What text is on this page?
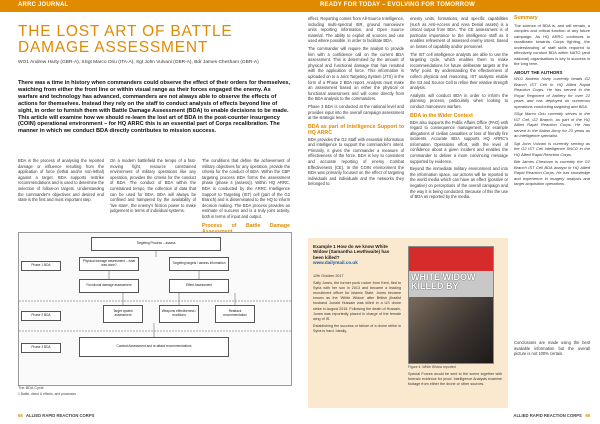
ARRC JOURNAL
THE LOST ART OF BATTLE
DAMAGE ASSESSMENT
WO1 Andrew Harty (GBR-A), SSgt Marco Oriu (ITA-A), Sgt John Vulvani (GBR-A), Bdr James Chesham (GBR-A)
There was a time in history when commanders could observe the effect of their orders for themselves, watching from either the front line or within visual range as their forces engaged the enemy. As warfare and technology has advanced, commanders are not always able to observe the effects of actions for themselves. Instead they rely on the staff to conduct analysis of effects beyond line of sight, in order to furnish them with Battle Damage Assessment (BDA) to enable decisions to be made. This article will examine how we should re-learn the lost art of BDA in the post-counter insurgency (COIN) operational environment – for HQ ARRC this is an essential part of Corps recalibration. The manner in which we conduct BDA directly contributes to mission success.

BDA is the process of analysing the reported damage or influence resulting from the application of force (lethal and/or non-lethal) against a target. BDA supports restrike recommendations and is used to determine the selection of follow-on targets. Understanding the commander's objectives and desired end state is the first and most important step.

On a modern battlefield the tempo of a fast-moving fight, resource constrained environment of military operations like any operation, provides the criteria for the conduct of BDA. The conduct of BDA within the constrained tempo, the collection of data that can be used for BDA. BDA will always be confined and hampered by the availability of 'live stare', the enemy's friction power to make judgement in terms of individual systems.

The conditions that define the achievement of military objectives for any operation, provide the criteria for the conduct of BDA. Within the CBP targeting process BDA forms the assessment phase (phase 4 (assess)). Within HQ ARRC, BDA is conducted by the ARRC Intelligence Support to Targeting (IST) cell (part of the G2 Branch) and is disseminated to the HQ to inform decision making. The BDA process provides an estimate of success and is a truly joint activity, both in terms of input and output.

Process of Battle Damage

Targeting Process – assess
Phase 1 BDA
Physical damage assessment – what was done?	Targeting targets / assess information
Functional damage assessment	Effect Assessment
Phase 2 BDA
Target system assessment
Weapons effectiveness / munitions
Reattack recommendation
Phase 3 BDA	Combat Assessment and re-attack recommendations
The BDA Cycle
1 Battle, direct & effects, and processes
68 ALLIED RAPID REACTION CORPS
READY FOR TODAY – EVOLVING FOR TOMORROW

effect. Reporting comes from All-Source Intelligence, including multi-spectral ISR, ground manoeuvre units reporting information, and Open Source material. The ability to exploit all sources and use used where possible, in order to facilitate BDA.

The commander will require the analyst to provide him with a confidence call on the current BDA assessment. This is determined by the amount of physical and functional damage that has resulted with the application of force. This information is uploaded on to a Joint Targeting System (JTS) in the form of a Phase 2 BDA report. Analysts must make an assessment based on either the physical or functional assessment and will come directly from the BDA analysis to the commanders.

Phase 3 BDA is conducted at the national level and provides input into the overall campaign assessment at the strategic level.

BDA as part of Intelligence Support to HQ ARRC

BDA provides the G2 Staff with essential information and intelligence to support the commander's intent. Primarily, it gives the commander a measure of effectiveness of the force. BDA is key to consistent and accurate reporting of enemy Combat Effectiveness (CE). In the COIN environment the BDA was primarily focused on the effect of targeting individuals and individuals and the networks they belonged to.

enemy units, formations, and specific capabilities (such as Anti-Access and Area Denial assets) is a critical output from BDA. The CE assessment is of particular importance to the intelligence staff as it enables refinement of assessed enemy intent, based on losses of capability and/or personnel.

The IST cell intelligence analysts are able to use the targeting cycle, which enables them to make recommendations for future deliberate targets at the 'Why' point. By understanding the effectiveness of collect physical and reasoning, IST analysts enable the G3 and Source Cell to refine their relative strength analysis.

Analysts will conduct BDA in order to inform the planning process, particularly when looking to conduct manoeuvre warfare.

BDA in the Wider Context

BDA also supports the Public Affairs Office (PAO) with regard to consequence management, for example allegations of civilian casualties or loss of friendly fire incidents. Accurate BDA supports HQ ARRC's Information Operations effort, with the level of confidence about a given incident and enables the commander to deliver a more convincing message supported by evidence.

Beyond the immediate military environment and into the information space, our actions will be reported to the world media which can have an effect (positive or negative) on perceptions of the overall campaign and the way it is being conducted. Because of this the use of BDA as reported by the media.

Summary

The science of BDA is, and will remain, a complex and critical function of any future campaign. As HQ ARRC continues to recalibrate towards Corps fighting, the understanding of staff skills required to effectively conduct BDA within NATO (and national) organisations is key to success in the long term.

ABOUT THE AUTHORS

WO1 Andrew Harty currently heads G2 Branch IST Cell in HQ Allied Rapid Reaction Corps. He has served in the Royal Regiment of Artillery for over 22 years and has deployed on numerous operations conducting targeting and BDA.

SSgt Marco Oriu currently serves in the IST Cell, G2 Branch, as part of the HQ Allied Rapid Reaction Corps. He has served in the Italian Army for 23 years as an intelligence specialist.

Sgt John Vulvani is currently serving as the G2 IST Cell Intelligence SNCO in the HQ Allied Rapid Reaction Corps.

Bdr James Chesham is currently the G2 Branch IST Cell BDA analyst in HQ Allied Rapid Reaction Corps. He has knowledge and experience in imagery analysis and target acquisition operations.

Example 1 How do we know White Widow (Samantha Lewthwaite) has been killed?
www.dailymail.co.uk

12th October 2017

Sally Jones, the former punk rocker from Kent, fled to Syria with her son in 2013 and became a leading recruitment officer for Islamic State. Jones became known as the 'White Widow' after British jihadist husband Junaid Hussain was killed in a US drone strike in August 2015. Following the death of Hussain, Jones was reportedly placed in charge of the female wing of IS.

Establishing the success or failure of a drone strike in Syria is hard. Ideally,

Special Forces would be sent to the scene together with forensic evidence for proof. Intelligence Analysts examine footage from either the drone or other sources.

WHITE WIDOW KILLED BY
Figure 4: White Widow reported

Conclusions are made using the best available information but the overall picture is not 100% certain.

ALLIED RAPID REACTION CORPS 69
